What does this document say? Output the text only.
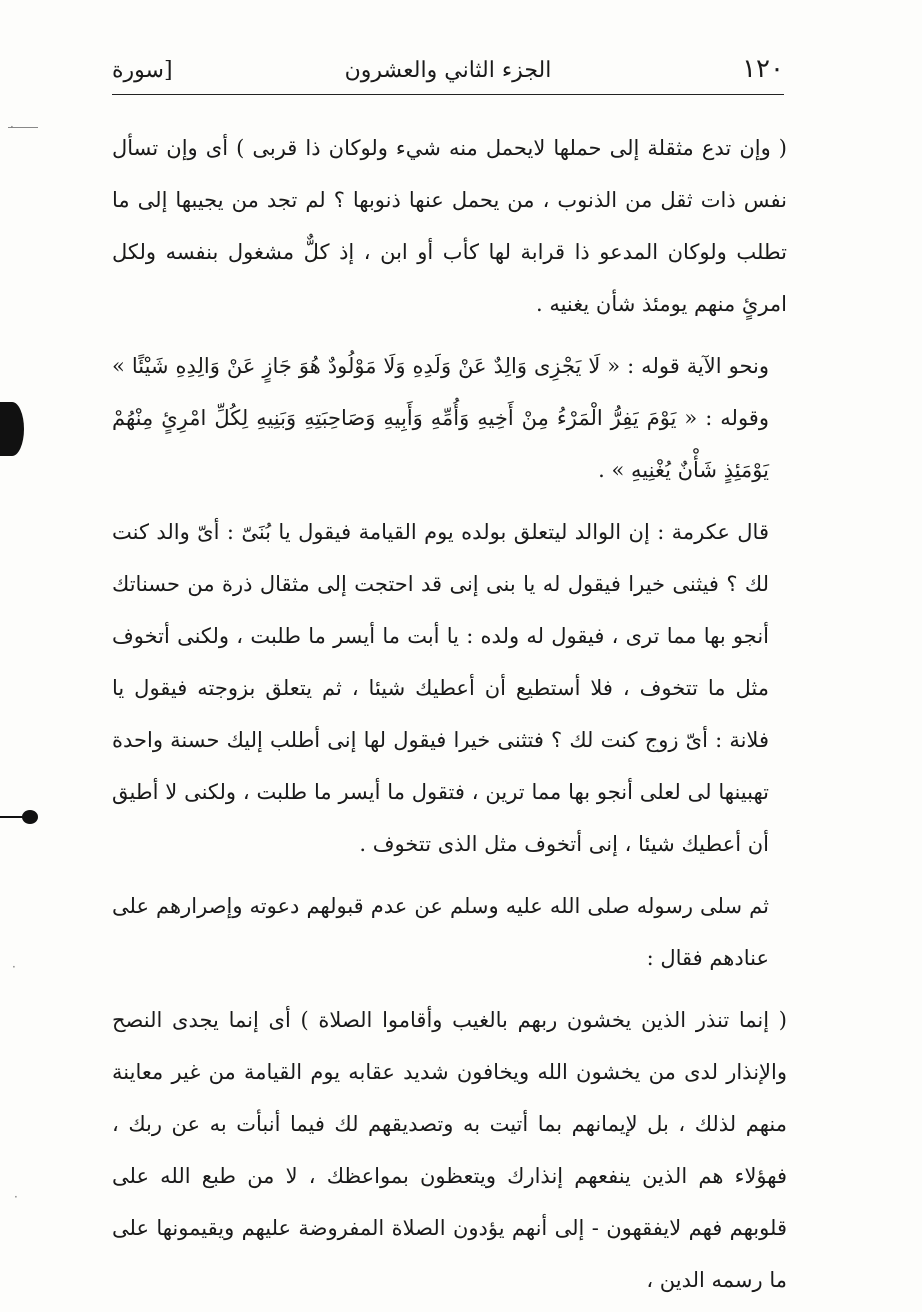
١٢٠
الجزء الثاني والعشرون
[سورة

( وإن تدع مثقلة إلى حملها لايحمل منه شيء ولوكان ذا قربى ) أى وإن تسأل نفس ذات ثقل من الذنوب ، من يحمل عنها ذنوبها ؟ لم تجد من يجيبها إلى ما تطلب ولوكان المدعو ذا قرابة لها كأب أو ابن ، إذ كلٌّ مشغول بنفسه ولكل امرئٍ منهم يومئذ شأن يغنيه .

ونحو الآية قوله : « لَا يَجْزِى وَالِدٌ عَنْ وَلَدِهِ وَلَا مَوْلُودٌ هُوَ جَازٍ عَنْ وَالِدِهِ شَيْئًا » وقوله : « يَوْمَ يَفِرُّ الْمَرْءُ مِنْ أَخِيهِ وَأُمِّهِ وَأَبِيهِ وَصَاحِبَتِهِ وَبَنِيهِ لِكُلِّ امْرِئٍ مِنْهُمْ يَوْمَئِذٍ شَأْنٌ يُغْنِيهِ » .

قال عكرمة : إن الوالد ليتعلق بولده يوم القيامة فيقول يا بُنَىّ : أىّ والد كنت لك ؟ فيثنى خيرا فيقول له يا بنى إنى قد احتجت إلى مثقال ذرة من حسناتك أنجو بها مما ترى ، فيقول له ولده : يا أبت ما أيسر ما طلبت ، ولكنى أتخوف مثل ما تتخوف ، فلا أستطيع أن أعطيك شيئا ، ثم يتعلق بزوجته فيقول يا فلانة : أىّ زوج كنت لك ؟ فتثنى خيرا فيقول لها إنى أطلب إليك حسنة واحدة تهبينها لى لعلى أنجو بها مما ترين ، فتقول ما أيسر ما طلبت ، ولكنى لا أطيق أن أعطيك شيئا ، إنى أتخوف مثل الذى تتخوف .

ثم سلى رسوله صلى الله عليه وسلم عن عدم قبولهم دعوته وإصرارهم على عنادهم فقال :

( إنما تنذر الذين يخشون ربهم بالغيب وأقاموا الصلاة ) أى إنما يجدى النصح والإنذار لدى من يخشون الله ويخافون شديد عقابه يوم القيامة من غير معاينة منهم لذلك ، بل لإيمانهم بما أتيت به وتصديقهم لك فيما أنبأت به عن ربك ، فهؤلاء هم الذين ينفعهم إنذارك ويتعظون بمواعظك ، لا من طبع الله على قلوبهم فهم لايفقهون - إلى أنهم يؤدون الصلاة المفروضة عليهم ويقيمونها على ما رسمه الدين ،

·
·
·
